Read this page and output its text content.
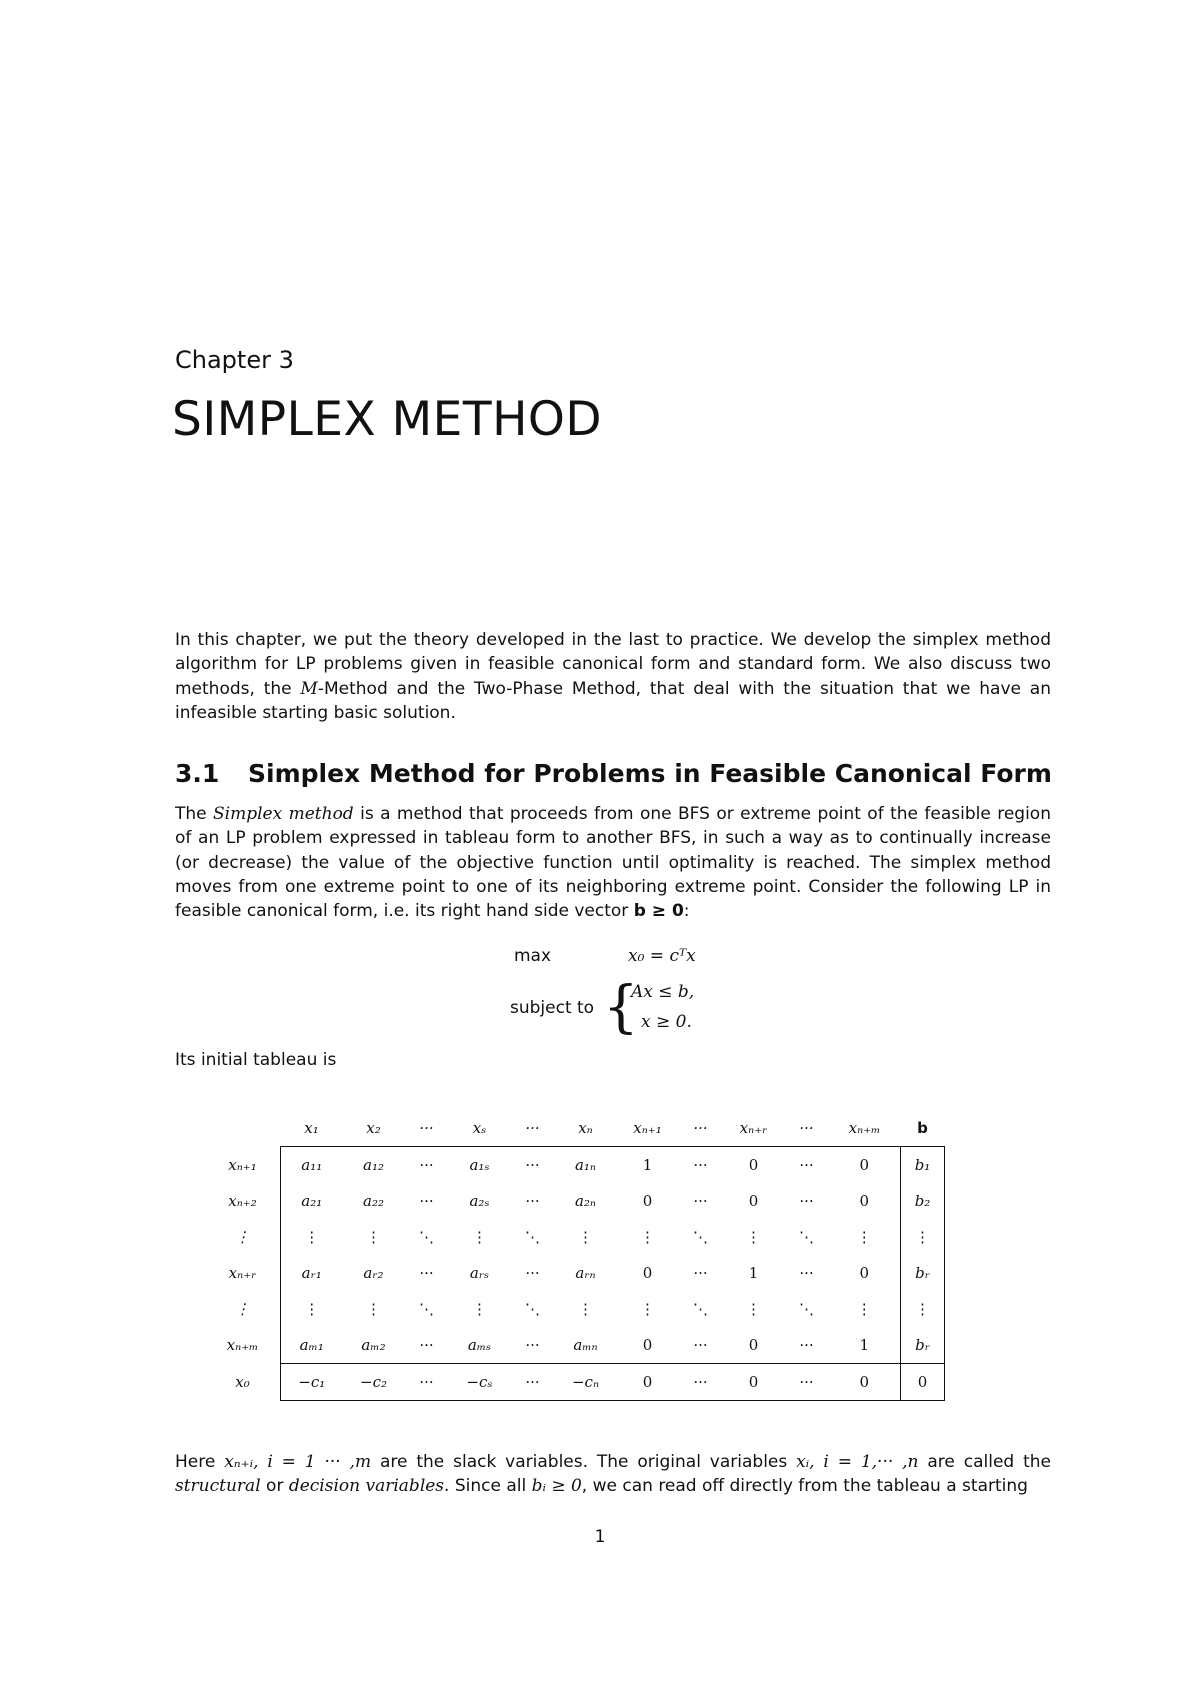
Chapter 3
SIMPLEX METHOD

In this chapter, we put the theory developed in the last to practice. We develop the simplex method algorithm for LP problems given in feasible canonical form and standard form. We also discuss two methods, the M-Method and the Two-Phase Method, that deal with the situation that we have an infeasible starting basic solution.

3.1 Simplex Method for Problems in Feasible Canonical Form

The Simplex method is a method that proceeds from one BFS or extreme point of the feasible region of an LP problem expressed in tableau form to another BFS, in such a way as to continually increase (or decrease) the value of the objective function until optimality is reached. The simplex method moves from one extreme point to one of its neighboring extreme point. Consider the following LP in feasible canonical form, i.e. its right hand side vector b ≥ 0:

max	x₀ = cᵀx
subject to {
Ax ≤ b,
x ≥ 0.
Its initial tableau is
	x₁	x₂	···	xₛ	···	xₙ	xₙ₊₁	···	xₙ₊ᵣ	···	xₙ₊ₘ	b
xₙ₊₁	a₁₁	a₁₂	···	a₁ₛ	···	a₁ₙ	1	···	0	···	0	b₁
xₙ₊₂	a₂₁	a₂₂	···	a₂ₛ	···	a₂ₙ	0	···	0	···	0	b₂
⋮	⋮	⋮	⋱	⋮	⋱	⋮	⋮	⋱	⋮	⋱	⋮	⋮
xₙ₊ᵣ	aᵣ₁	aᵣ₂	···	aᵣₛ	···	aᵣₙ	0	···	1	···	0	bᵣ
⋮	⋮	⋮	⋱	⋮	⋱	⋮	⋮	⋱	⋮	⋱	⋮	⋮
xₙ₊ₘ	aₘ₁	aₘ₂	···	aₘₛ	···	aₘₙ	0	···	0	···	1	bᵣ
x₀	−c₁	−c₂	···	−cₛ	···	−cₙ	0	···	0	···	0	0

Here xₙ₊ᵢ, i = 1 ··· ,m are the slack variables. The original variables xᵢ, i = 1,··· ,n are called the structural or decision variables. Since all bᵢ ≥ 0, we can read off directly from the tableau a starting

1
